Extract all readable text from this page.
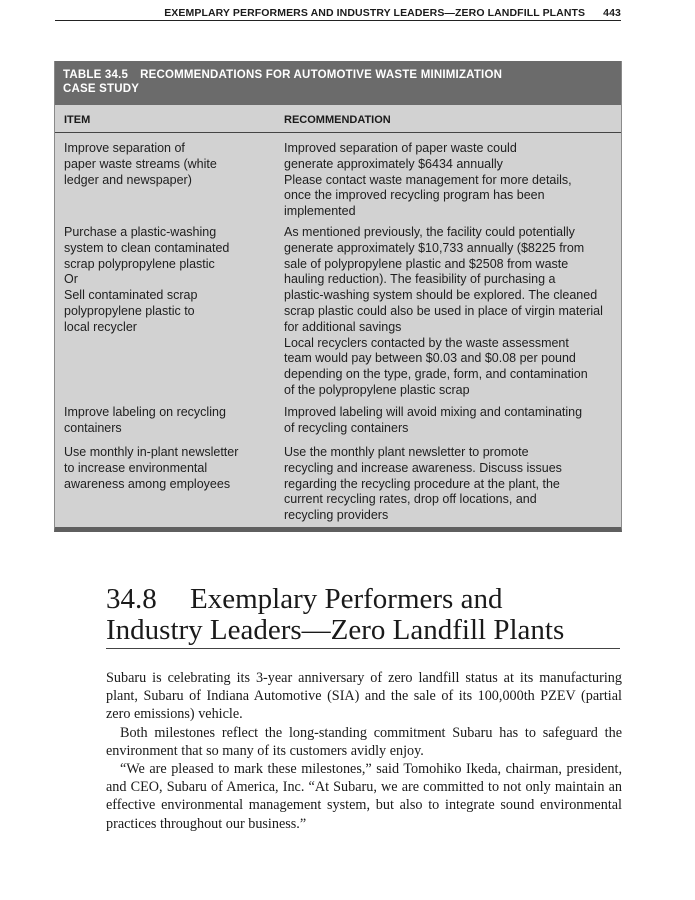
EXEMPLARY PERFORMERS AND INDUSTRY LEADERS—ZERO LANDFILL PLANTS 443
TABLE 34.5 RECOMMENDATIONS FOR AUTOMOTIVE WASTE MINIMIZATION
CASE STUDY
ITEM	RECOMMENDATION
Improve separation of
paper waste streams (white
ledger and newspaper)
Improved separation of paper waste could
generate approximately $6434 annually
Please contact waste management for more details,
once the improved recycling program has been
implemented
Purchase a plastic-washing
system to clean contaminated
scrap polypropylene plastic
Or
Sell contaminated scrap
polypropylene plastic to
local recycler
As mentioned previously, the facility could potentially
generate approximately $10,733 annually ($8225 from
sale of polypropylene plastic and $2508 from waste
hauling reduction). The feasibility of purchasing a
plastic-washing system should be explored. The cleaned
scrap plastic could also be used in place of virgin material
for additional savings
Local recyclers contacted by the waste assessment
team would pay between $0.03 and $0.08 per pound
depending on the type, grade, form, and contamination
of the polypropylene plastic scrap
Improve labeling on recycling
containers
Improved labeling will avoid mixing and contaminating
of recycling containers
Use monthly in-plant newsletter
to increase environmental
awareness among employees
Use the monthly plant newsletter to promote
recycling and increase awareness. Discuss issues
regarding the recycling procedure at the plant, the
current recycling rates, drop off locations, and
recycling providers
34.8 Exemplary Performers and
Industry Leaders—Zero Landfill Plants

Subaru is celebrating its 3-year anniversary of zero landfill status at its manufacturing plant, Subaru of Indiana Automotive (SIA) and the sale of its 100,000th PZEV (partial zero emissions) vehicle.

Both milestones reflect the long-standing commitment Subaru has to safeguard the environment that so many of its customers avidly enjoy.

“We are pleased to mark these milestones,” said Tomohiko Ikeda, chairman, president, and CEO, Subaru of America, Inc. “At Subaru, we are committed to not only maintain an effective environmental management system, but also to integrate sound environmental practices throughout our business.”
